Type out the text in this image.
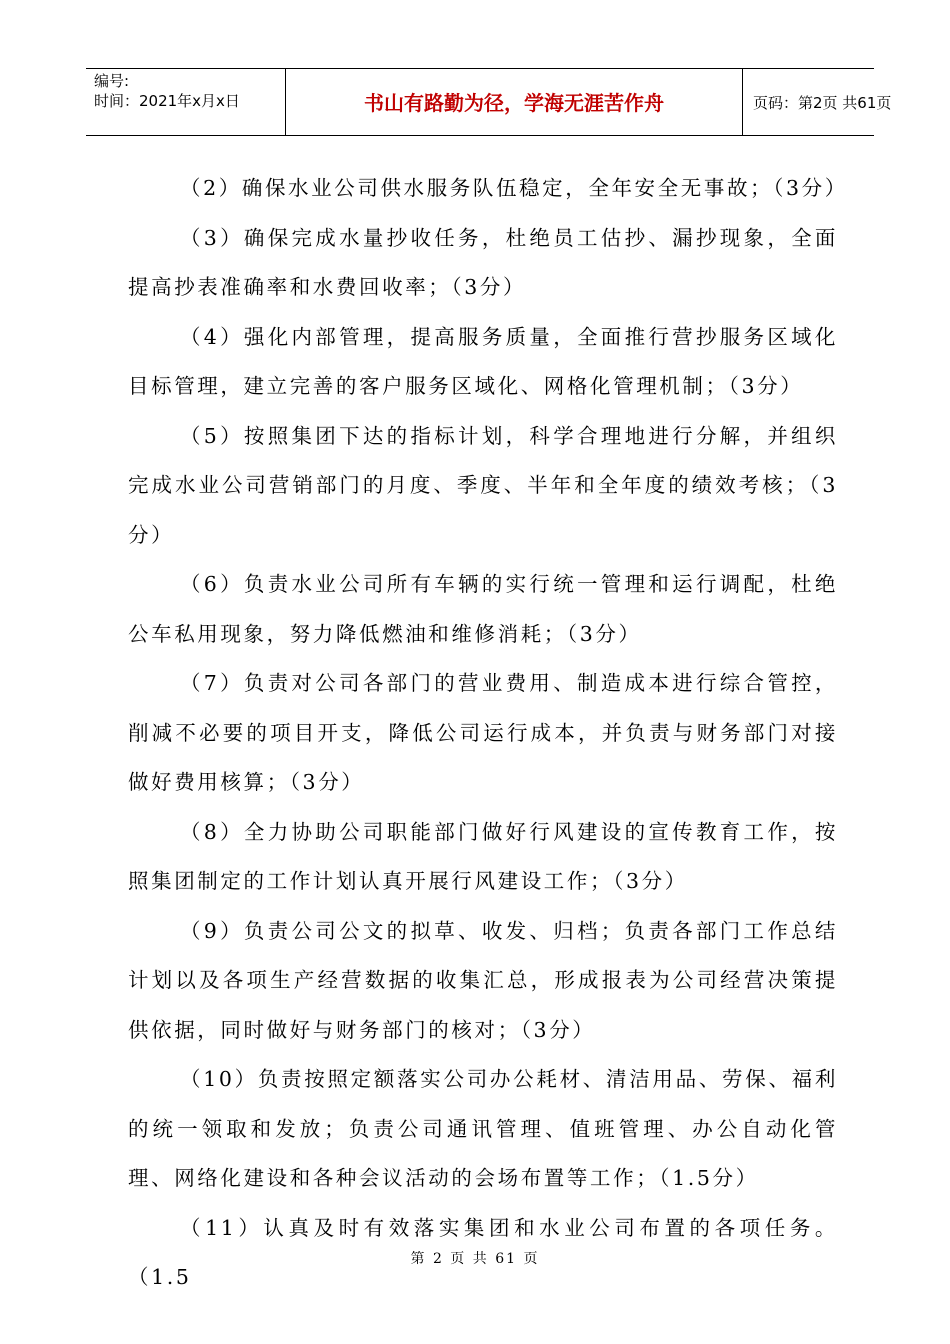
编号:
时间：2021年x月x日	书山有路勤为径，学海无涯苦作舟	页码：第2页 共61页

（2）确保水业公司供水服务队伍稳定，全年安全无事故；（3分）

（3）确保完成水量抄收任务，杜绝员工估抄、漏抄现象，全面提高抄表准确率和水费回收率；（3分）

（4）强化内部管理，提高服务质量，全面推行营抄服务区域化目标管理，建立完善的客户服务区域化、网格化管理机制；（3分）

（5）按照集团下达的指标计划，科学合理地进行分解，并组织完成水业公司营销部门的月度、季度、半年和全年度的绩效考核；（3分）

（6）负责水业公司所有车辆的实行统一管理和运行调配，杜绝公车私用现象，努力降低燃油和维修消耗；（3分）

（7）负责对公司各部门的营业费用、制造成本进行综合管控，削减不必要的项目开支，降低公司运行成本，并负责与财务部门对接做好费用核算；（3分）

（8）全力协助公司职能部门做好行风建设的宣传教育工作，按照集团制定的工作计划认真开展行风建设工作；（3分）

（9）负责公司公文的拟草、收发、归档；负责各部门工作总结计划以及各项生产经营数据的收集汇总，形成报表为公司经营决策提供依据，同时做好与财务部门的核对；（3分）

（10）负责按照定额落实公司办公耗材、清洁用品、劳保、福利的统一领取和发放；负责公司通讯管理、值班管理、办公自动化管理、网络化建设和各种会议活动的会场布置等工作；（1.5分）

（11）认真及时有效落实集团和水业公司布置的各项任务。（1.5

第 2 页 共 61 页
